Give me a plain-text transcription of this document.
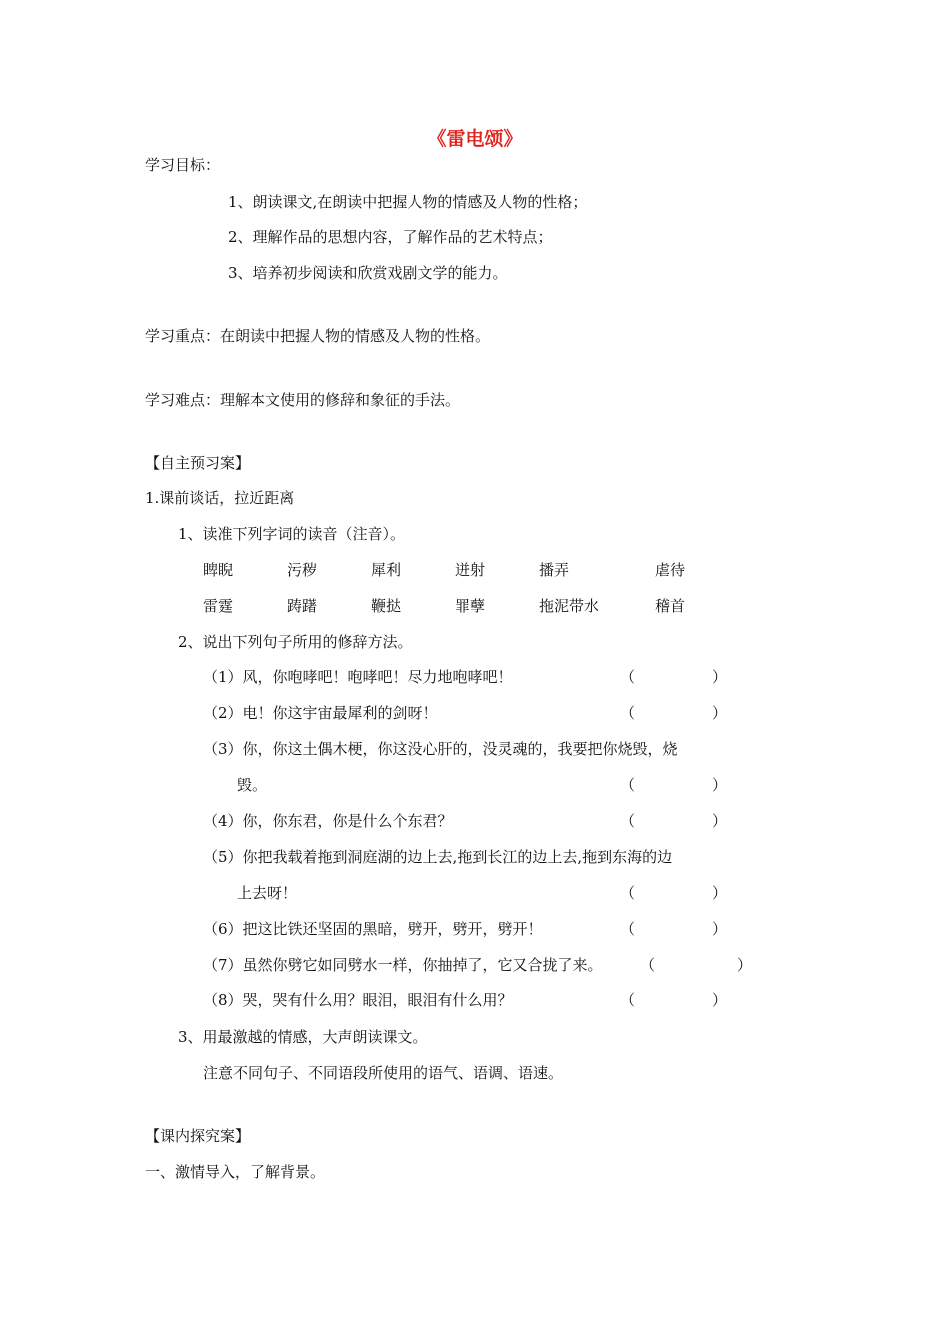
《雷电颂》
学习目标：
1、朗读课文,在朗读中把握人物的情感及人物的性格；
2、理解作品的思想内容，了解作品的艺术特点；
3、培养初步阅读和欣赏戏剧文学的能力。
学习重点：在朗读中把握人物的情感及人物的性格。
学习难点：理解本文使用的修辞和象征的手法。
【自主预习案】
1.课前谈话，拉近距离
1、读准下列字词的读音（注音）。
睥睨	污秽	犀利	迸射	播弄	虐待
雷霆	踌躇	鞭挞	罪孽	拖泥带水	稽首
2、说出下列句子所用的修辞方法。
（1）风，你咆哮吧！咆哮吧！尽力地咆哮吧！	（	）
（2）电！你这宇宙最犀利的剑呀！	（	）
（3）你，你这土偶木梗，你这没心肝的，没灵魂的，我要把你烧毁，烧
毁。	（	）
（4）你，你东君，你是什么个东君？	（	）
（5）你把我载着拖到洞庭湖的边上去,拖到长江的边上去,拖到东海的边
上去呀！	（	）
（6）把这比铁还坚固的黑暗，劈开，劈开，劈开！	（	）
（7）虽然你劈它如同劈水一样，你抽掉了，它又合拢了来。 （	）
（8）哭，哭有什么用？眼泪，眼泪有什么用？	（	）
3、用最激越的情感，大声朗读课文。
注意不同句子、不同语段所使用的语气、语调、语速。
【课内探究案】
一、激情导入，了解背景。
